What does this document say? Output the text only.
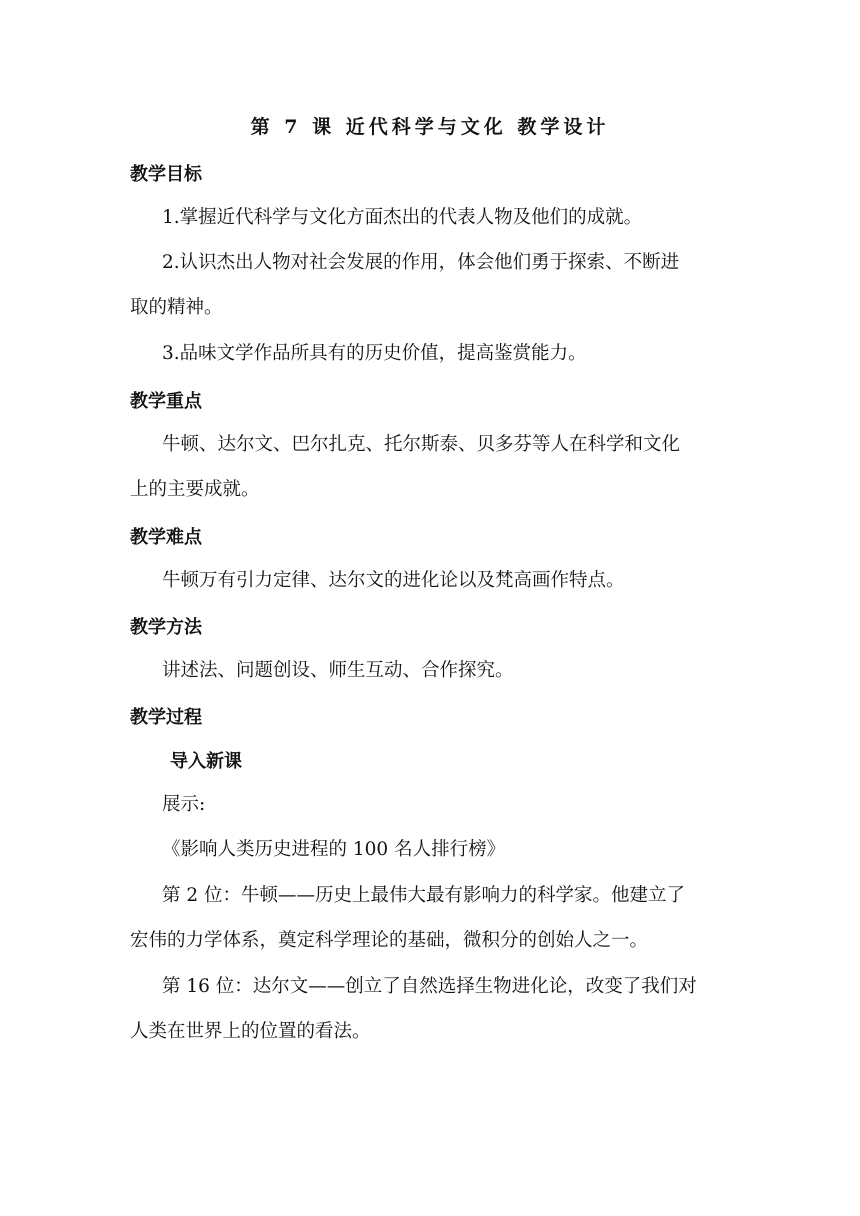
第 7 课 近代科学与文化 教学设计
教学目标
1.掌握近代科学与文化方面杰出的代表人物及他们的成就。
2.认识杰出人物对社会发展的作用，体会他们勇于探索、不断进
取的精神。
3.品味文学作品所具有的历史价值，提高鉴赏能力。
教学重点
牛顿、达尔文、巴尔扎克、托尔斯泰、贝多芬等人在科学和文化
上的主要成就。
教学难点
牛顿万有引力定律、达尔文的进化论以及梵高画作特点。
教学方法
讲述法、问题创设、师生互动、合作探究。
教学过程
导入新课
展示:
《影响人类历史进程的 100 名人排行榜》
第 2 位：牛顿——历史上最伟大最有影响力的科学家。他建立了
宏伟的力学体系，奠定科学理论的基础，微积分的创始人之一。
第 16 位：达尔文——创立了自然选择生物进化论，改变了我们对
人类在世界上的位置的看法。
